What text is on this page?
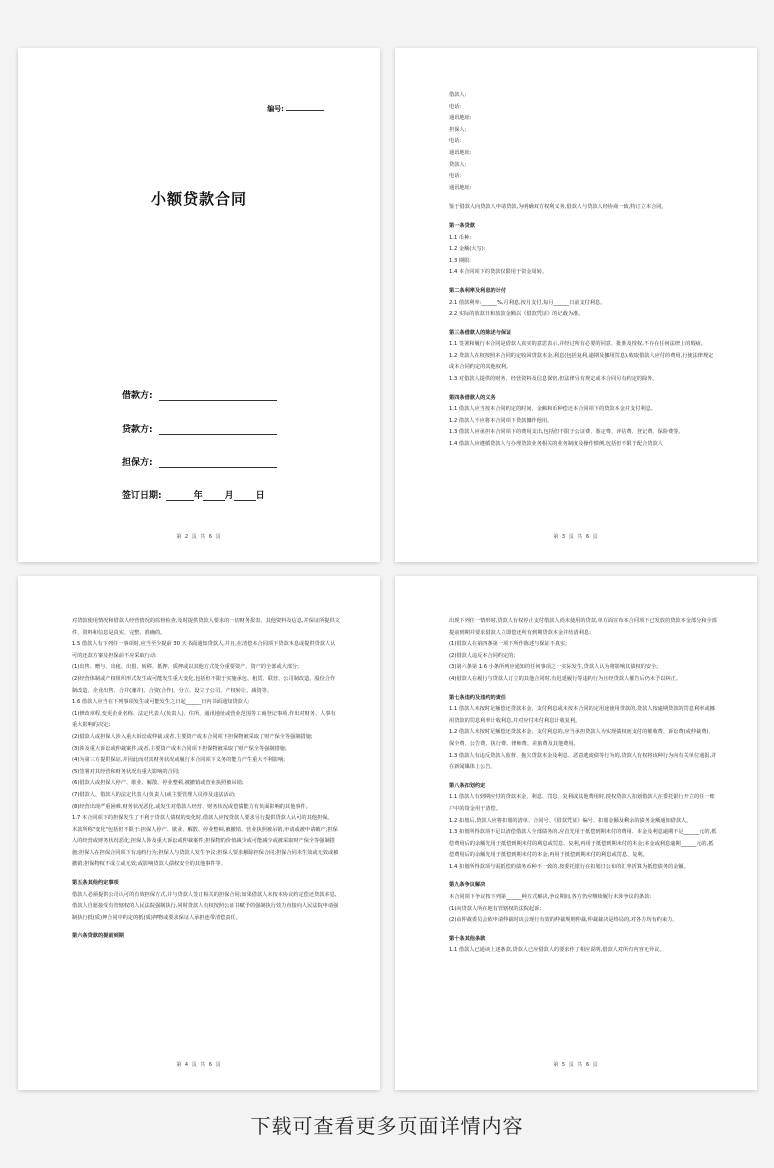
编号:
小额贷款合同
借款方:
贷款方:
担保方:
签订日期:	年 月 日
第 2 页 共 6 页

借款人:

电话:

通讯地址:

担保人:

电话:

通讯地址:

贷款人:

电话:

通讯地址:

鉴于借款人向贷款人申请贷款,为明确双方权利义务,借款人与贷款人经协商一致,特订立本合同。

第一条贷款

1.1 币种:

1.2 金额(大写):

1.3 期限:

1.4 本合同项下的贷款仅限用于资金周转。

第二条利率及利息的计付

2.1 借款利率:______%,月利息,按月支付,每月______日前支付利息。

2.2 实际的放款日和放款金额以《借款凭证》的记载为准。

第三条借款人的陈述与保证

1.1 签署和履行本合同是借款人真实的意思表示,并经过所有必要的同意、批准及授权,不存在任何法律上的瑕疵。

1.2 贷款人在权按照本合同的定收回贷款本金,利息(包括复利,逾期及挪用罚息),收取借款人应付的费用,行使法律规定或本合同约定的其他权利。

1.3 对借款人提供的财务、经营资料及信息保密,但法律另有规定或本合同另有约定的除外。

第四条借款人的义务

1.1 借款人应当按本合同约定的时间、金额和币种偿还本合同项下的贷款本金并支付利息。

1.2 借款人不应将本合同项下贷款挪作他用。

1.3 借款人应承担本合同项下的费用支出,包括但不限于公证费、鉴定费、评估费、登记费、保险费等。

1.4 借款人应遵循贷款人与办理贷款业务相关的业务制度及操作惯例,包括但不限于配合贷款人

第 3 页 共 6 页

对贷款使用情况和借款人经营情况的监督检查,及时提供贷款人要求的一切财务报表、其他资料及信息,并保证所提供文件、资料和信息是真实、完整、准确的。

1.5 借款人有下列任一事项时,应当至少提前 30 天书面通知贷款人,并且,在清偿本合同项下贷款本息或提供贷款人认可的还款方案及担保前不应采取行动:

(1)出售、赠与、出租、出借、转移、抵押、质押或以其他方式处分重要资产、资产的全部或大部分;

(2)经营体制或产权组织形式发生或可能发生重大变化,包括但不限于实施承包、租赁、联营、公司制改造、股份合作制改造、企业出售、合并(兼并)、合资(合作)、分立、设立子公司、产权转让、减资等。

1.6 借款人应当在下列事项发生或可能发生之日起______日内书面通知贷款人:

(1)修改章程,变更企业名称、法定代表人(负责人)、住所、通讯地址或营业范围等工商登记事项,作出对财务、人事有重大影响的决定;

(2)借款人或担保人涉入重大诉讼或仲裁,或者,主要资产或本合同项下担保物被采取了财产保全等强制措施;

(3)涉及重大诉讼或仲裁案件,或者,主要资产或本合同项下担保物被采取了财产保全等强制措施;

(4)为第三方提供保证,并因此而对其财务状况或履行本合同项下义务的能力产生重大不利影响;

(5)签署对其经营和财务状况有重大影响的合同;

(6)借款人或担保人停产、歇业、解散、停业整顿,被撤销或营业执照被吊销;

(7)借款人、借款人的法定代表人(负责人)或主要管理人员涉及违法活动;

(8)经营出现严重困难,财务状况恶化,或发生对借款人经营、财务状况或偿债能力有负面影响的其他事件。

1.7 本合同项下的担保发生了不利于贷款人债权的变化时,借款人应按贷款人要求另行提供贷款人认可的其他担保。

本款所称"变化"包括但不限于:担保人停产、歇业、解散、停业整顿,被撤销、营业执照被吊销,申请或被申请破产;担保人的经营或财务状况恶化;担保人涉及重大诉讼或仲裁案件;担保物的价值减少或可能减少或被采取财产保全等强制措施;担保人在担保合同项下有违约行为;担保人与贷款人发生争议;担保人要求解除担保合同;担保合同未生效或无效或被撤销;担保物权不成立或无效;或影响贷款人债权安全的其他事件等。

第五条其他约定事项

借款人必须提供公司认可的有效担保方式,并与贷款人签订相关的担保合同;如果借款人未按本协议约定偿还贷款本息,借款人自愿接受有管辖权的人民法院强制执行,同时贷款人有权按照公证书赋予的强制执行效力直接向人民法院申请强制执行抵(质)押合同中约定的抵(质)押物或要求保证人承担连带清偿责任。

第六条贷款的提前到期

第 4 页 共 6 页

出现下列任一情形时,贷款人有权停止支付借款人尚未使用的贷款,单方面宣布本合同项下已发放的贷款本金部分和全部提前到期并要求借款人立即偿还所有到期贷款本金并结清利息:

(1)借款人在第四条第一项下所作陈述与保证不真实;

(2)借款人违反本合同约定的;

(3)第六条第 1.6 小条所列应通知的任何事项之一实际发生,贷款人认为将影响其债权的安全;

(4)借款人在履行与贷款人订立的其他合同时,有迟延履行等违约行为且经贷款人催告后仍未予以纠正。

第七条违约及违约的责任

1.1 借款人未按时足额偿还贷款本金、支付利息或未按本合同的定用途使用贷款的,贷款人按逾期贷款的罚息利率或挪用贷款的罚息利率计收利息,并对应付未付利息计收复利。

1.2 借款人未按时足额偿还贷款本金、支付利息的,应当承担贷款人为实现债权而支付的催收费、诉讼费(或仲裁费)、保全费、公告费、执行费、律师费、差旅费及其他费用。

1.3 借款人有违反贷款人监督、拖欠贷款本金及利息、恶意逃废债等行为的,贷款人有权将该种行为向有关单位通报,并在新闻媒体上公告。

第八条扣划约定

1.1 借款人有到期应付的贷款本金、利息、罚息、复利或其他费用时,授权贷款人扣划借款人在委托银行开立的任一账户中的资金用于清偿。

1.2 扣划后,贷款人应将扣划的清单、合同号、《借款凭证》编号、扣划金额及剩余的债务金额通知借款人。

1.3 扣划所得款项不足以清偿借款人全部债务的,应首先用于抵偿到期未付的费用、本金及利息逾期不足______元的,抵偿费用后的余额先用于抵偿到期未付的利息或罚息、复利,再用于抵偿到期未付的本金;本金或利息逾期______元的,抵偿费用后的余额先用于抵偿到期未付的本金,再用于抵偿到期未付的利息或罚息、复利。

1.4 扣划所得款项与需抵偿的债务币种不一致的,按委托银行在扣划日公布的汇率折算为抵偿债务的金额。

第九条争议解决

本合同项下争议按下列第______种方式解决,争议期间,各方仍应继续履行未涉争议的条款:

(1)向贷款人所在地有管辖权的法院起诉;

(2)由仲裁委员会依申请仲裁时该会现行有效的仲裁规则仲裁,仲裁裁决是终局的,对各方均有约束力。

第十条其他条款

1.1 借款人已通读上述条款,贷款人已应借款人的要求作了相应说明,借款人对所有内容无异议。

第 5 页 共 6 页
下载可查看更多页面详情内容
